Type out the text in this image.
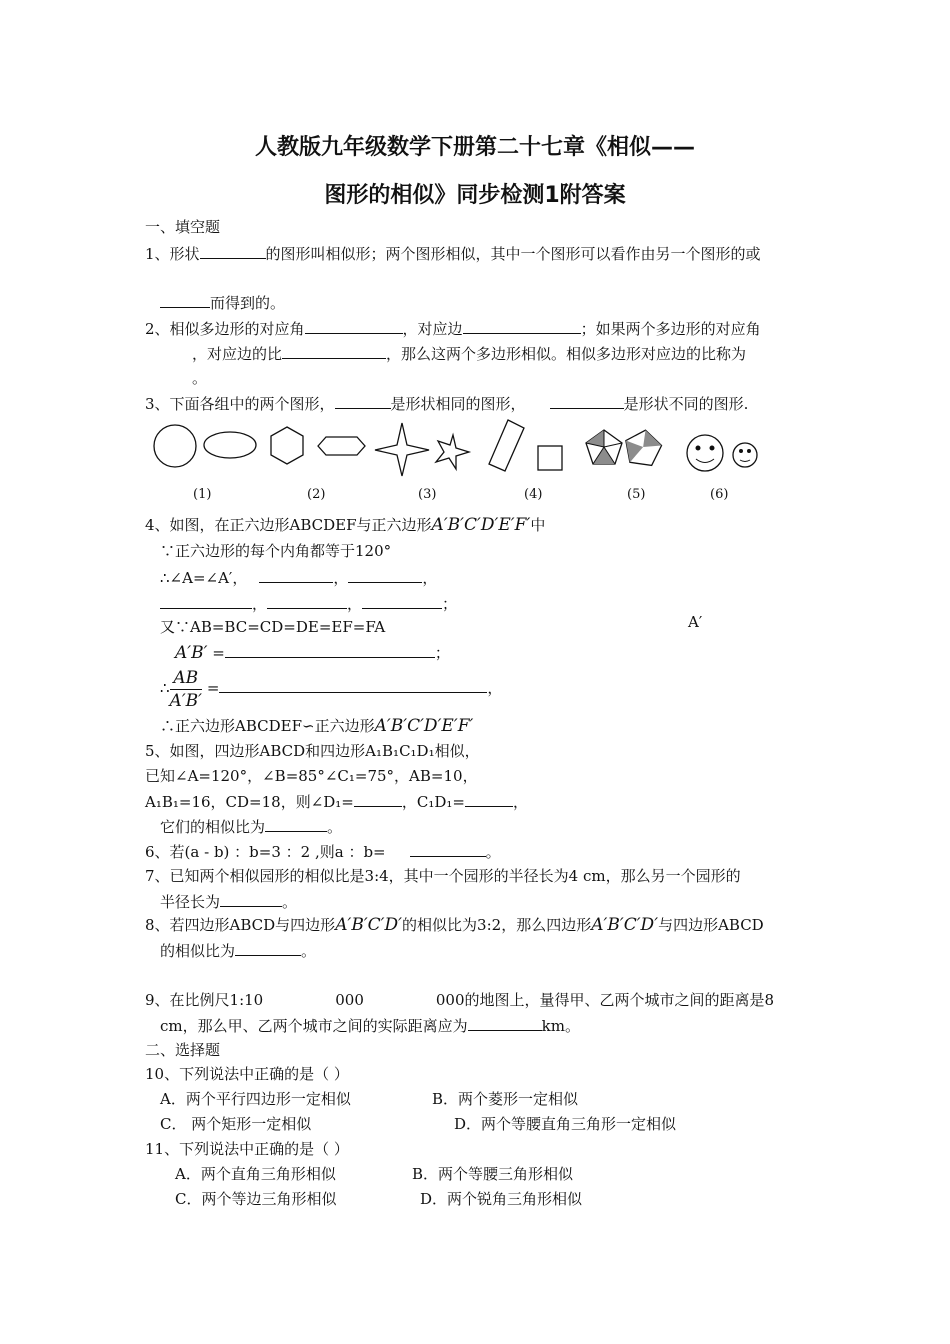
人教版九年级数学下册第二十七章《相似——
图形的相似》同步检测1附答案
一、填空题
1、形状	的图形叫相似形；两个图形相似，其中一个图形可以看作由另一个图形的或
而得到的。
2、相似多边形的对应角	，对应边	；如果两个多边形的对应角
，对应边的比	，那么这两个多边形相似。相似多边形对应边的比称为
。
3、下面各组中的两个图形，	是形状相同的图形，	是形状不同的图形.
(1)	(2)	(3)	(4)	(5)	(6)
4、如图，在正六边形ABCDEF与正六边形A′B′C′D′E′F′中
∵正六边形的每个内角都等于120°
∴∠A=∠A′，	，	，
，	，	；
又∵AB=BC=CD=DE=EF=FA	A′
A′B′ =	；
∴ $\frac{AB}{A'B'}$ =	，
∴正六边形ABCDEF∽正六边形A′B′C′D′E′F′
5、如图，四边形ABCD和四边形A₁B₁C₁D₁相似，
已知∠A=120°，∠B=85°∠C₁=75°，AB=10，
A₁B₁=16，CD=18，则∠D₁=	，C₁D₁=	，
它们的相似比为	。
6、若(a - b) ：b=3 ：2 ,则a ：b=	。
7、已知两个相似园形的相似比是3:4，其中一个园形的半径长为4 cm，那么另一个园形的
半径长为	。
8、若四边形ABCD与四边形A′B′C′D′的相似比为3:2，那么四边形A′B′C′D′与四边形ABCD
的相似比为	。
9、在比例尺1:10	000	000的地图上，量得甲、乙两个城市之间的距离是8
cm，那么甲、乙两个城市之间的实际距离应为	km。
二、选择题
10、下列说法中正确的是（ ）
A．两个平行四边形一定相似	B．两个菱形一定相似
C． 两个矩形一定相似	D．两个等腰直角三角形一定相似
11、下列说法中正确的是（ ）
A．两个直角三角形相似	B．两个等腰三角形相似
C．两个等边三角形相似	D．两个锐角三角形相似
